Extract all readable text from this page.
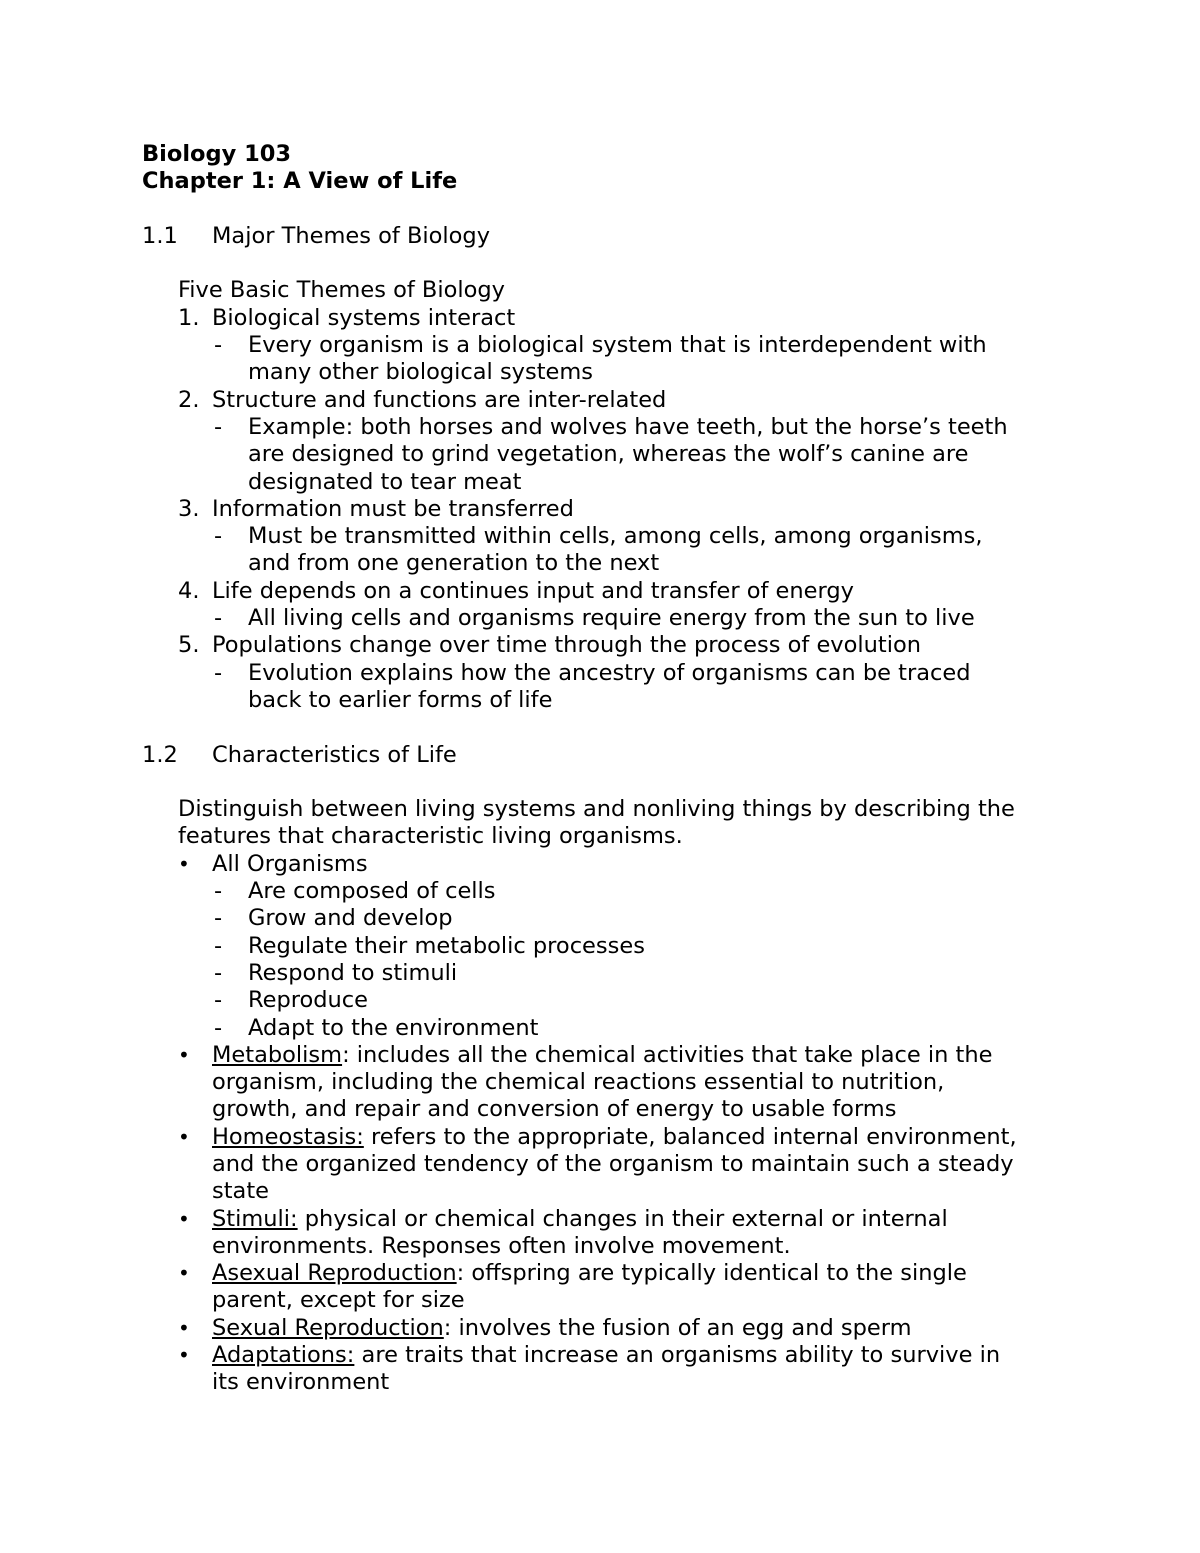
Biology 103
Chapter 1: A View of Life
1.1	Major Themes of Biology
Five Basic Themes of Biology
1. Biological systems interact
-	Every organism is a biological system that is interdependent with
many other biological systems
2. Structure and functions are inter-related
-	Example: both horses and wolves have teeth, but the horse’s teeth
are designed to grind vegetation, whereas the wolf’s canine are
designated to tear meat
3. Information must be transferred
-	Must be transmitted within cells, among cells, among organisms,
and from one generation to the next
4. Life depends on a continues input and transfer of energy
-	All living cells and organisms require energy from the sun to live
5. Populations change over time through the process of evolution
-	Evolution explains how the ancestry of organisms can be traced
back to earlier forms of life
1.2	Characteristics of Life
Distinguish between living systems and nonliving things by describing the
features that characteristic living organisms.
• All Organisms
-	Are composed of cells
-	Grow and develop
-	Regulate their metabolic processes
-	Respond to stimuli
-	Reproduce
-	Adapt to the environment
• Metabolism: includes all the chemical activities that take place in the
organism, including the chemical reactions essential to nutrition,
growth, and repair and conversion of energy to usable forms
• Homeostasis: refers to the appropriate, balanced internal environment,
and the organized tendency of the organism to maintain such a steady
state
• Stimuli: physical or chemical changes in their external or internal
environments. Responses often involve movement.
• Asexual Reproduction: offspring are typically identical to the single
parent, except for size
• Sexual Reproduction: involves the fusion of an egg and sperm
• Adaptations: are traits that increase an organisms ability to survive in
its environment
